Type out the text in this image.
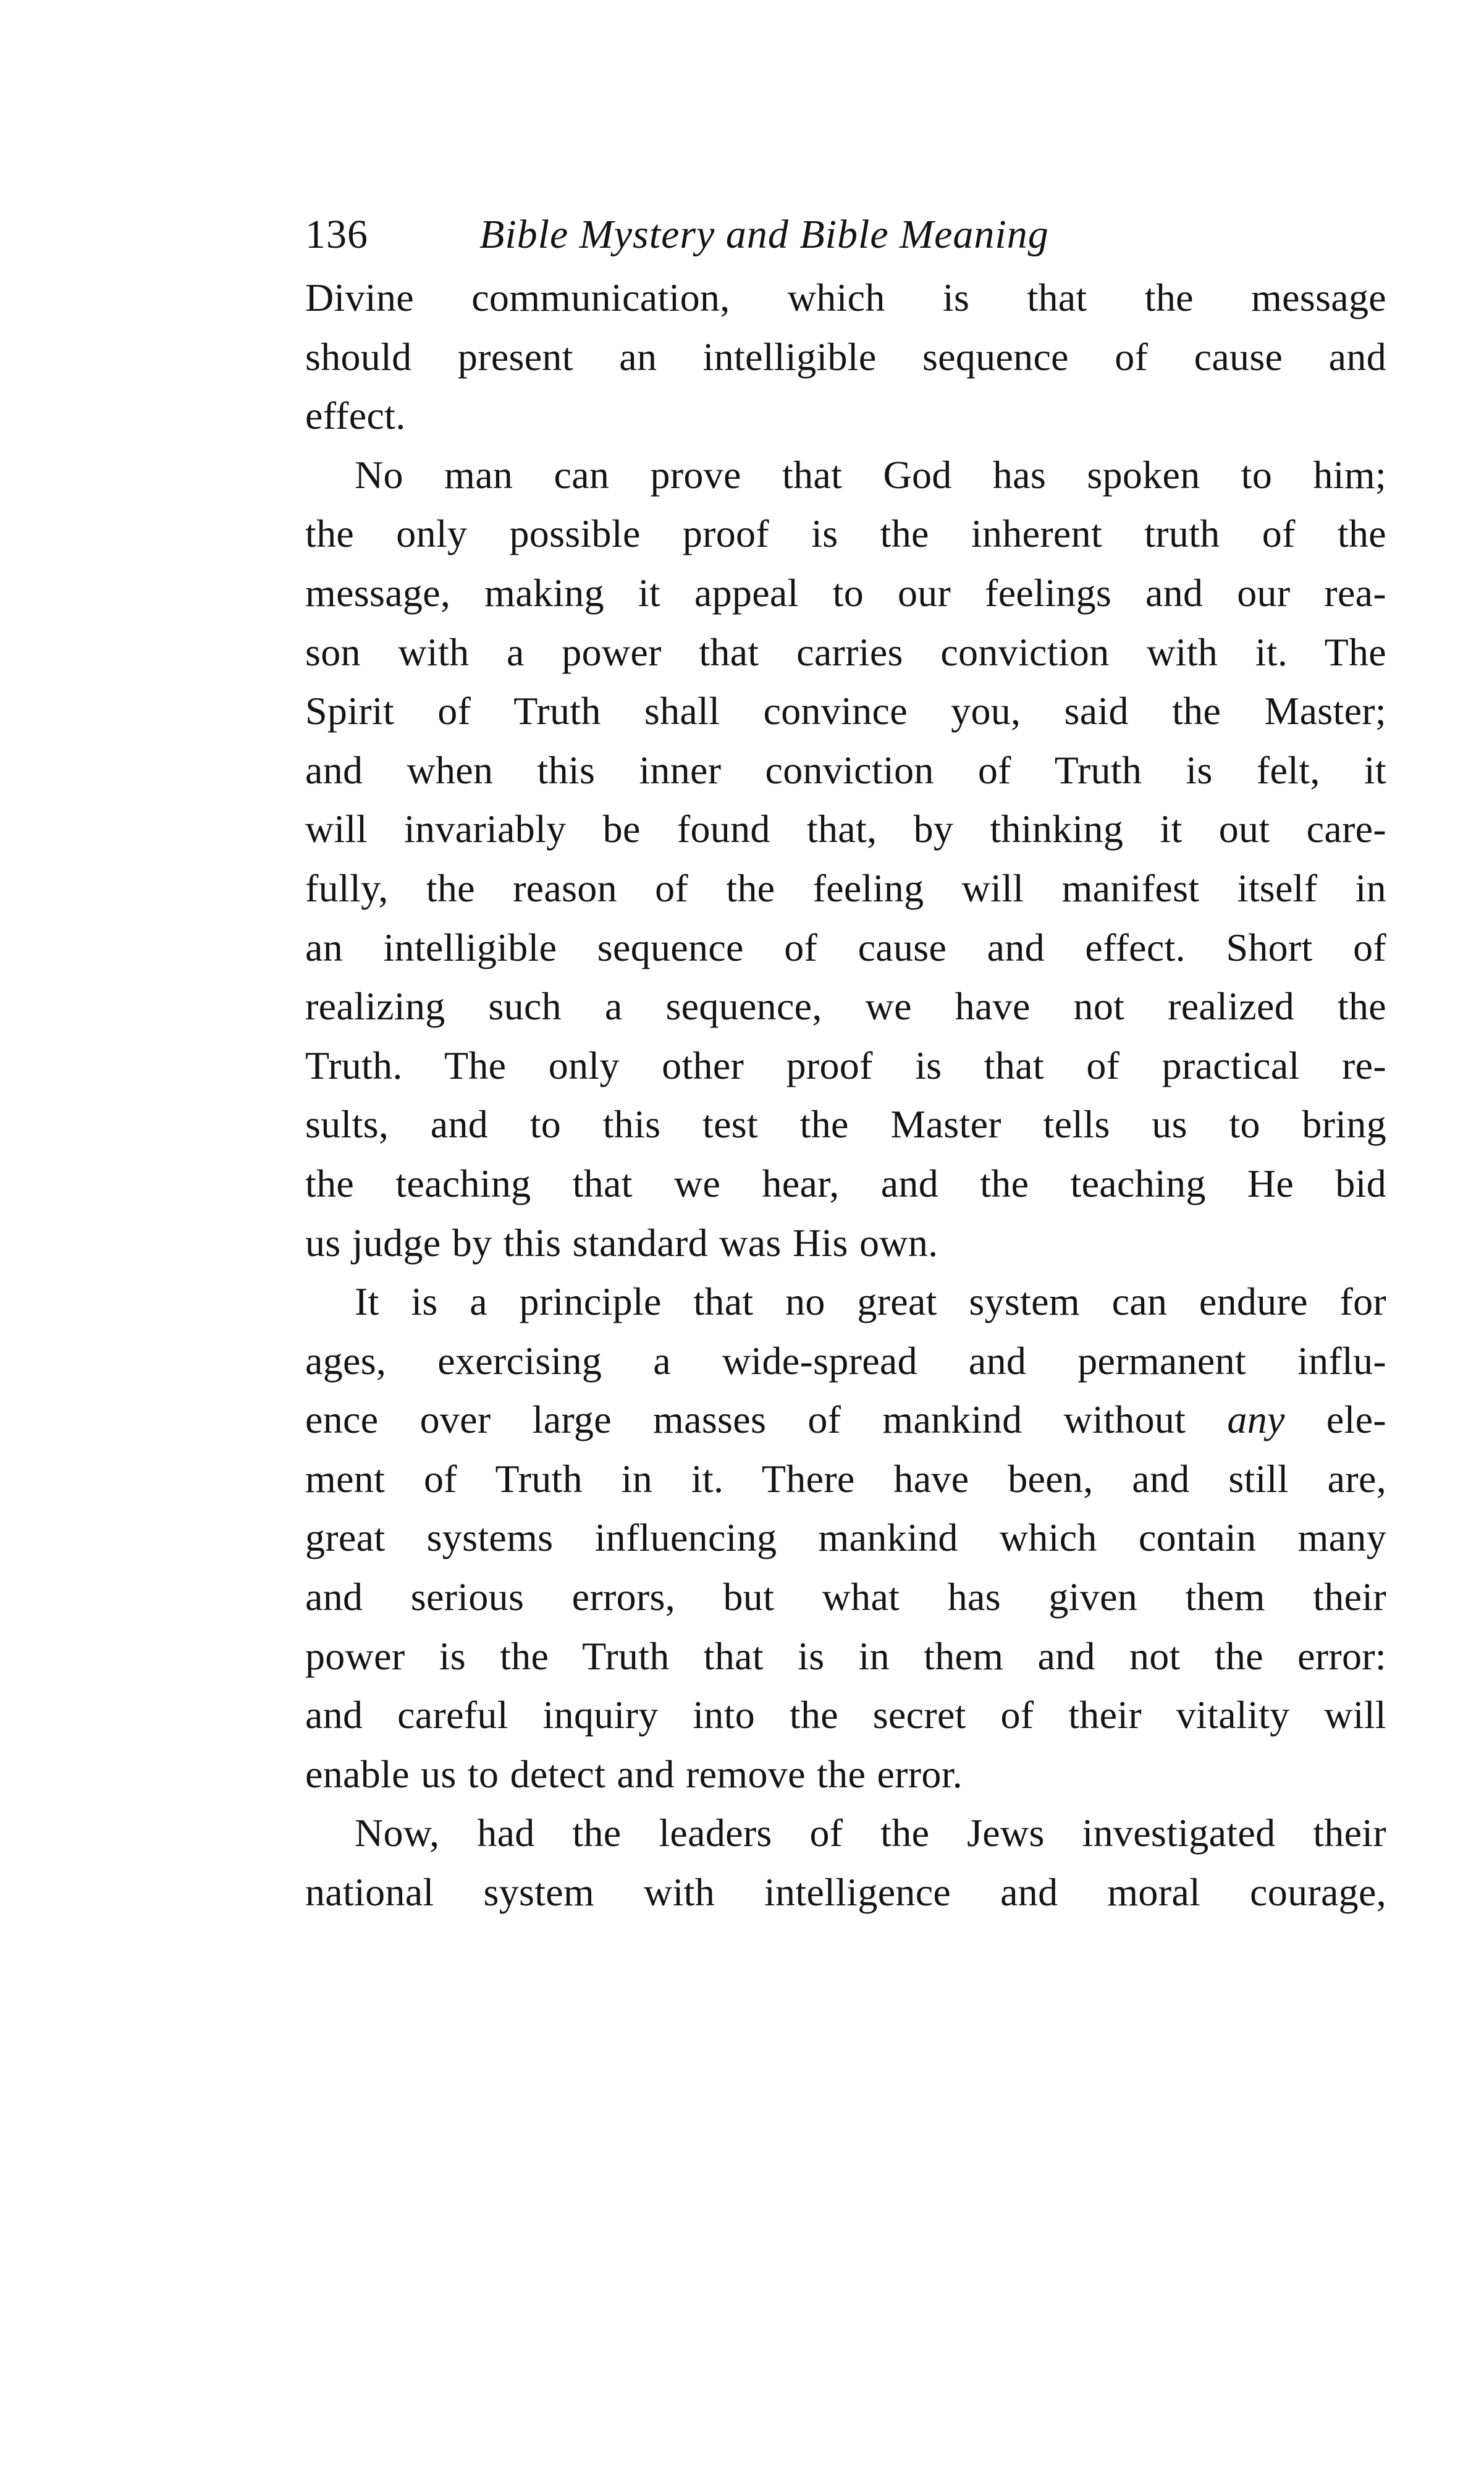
136	Bible Mystery and Bible Meaning
Divine communication, which is that the message
should present an intelligible sequence of cause and
effect.
No man can prove that God has spoken to him;
the only possible proof is the inherent truth of the
message, making it appeal to our feelings and our rea-
son with a power that carries conviction with it. The
Spirit of Truth shall convince you, said the Master;
and when this inner conviction of Truth is felt, it
will invariably be found that, by thinking it out care-
fully, the reason of the feeling will manifest itself in
an intelligible sequence of cause and effect. Short of
realizing such a sequence, we have not realized the
Truth. The only other proof is that of practical re-
sults, and to this test the Master tells us to bring
the teaching that we hear, and the teaching He bid
us judge by this standard was His own.
It is a principle that no great system can endure for
ages, exercising a wide-spread and permanent influ-
ence over large masses of mankind without any ele-
ment of Truth in it. There have been, and still are,
great systems influencing mankind which contain many
and serious errors, but what has given them their
power is the Truth that is in them and not the error:
and careful inquiry into the secret of their vitality will
enable us to detect and remove the error.
Now, had the leaders of the Jews investigated their
national system with intelligence and moral courage,
